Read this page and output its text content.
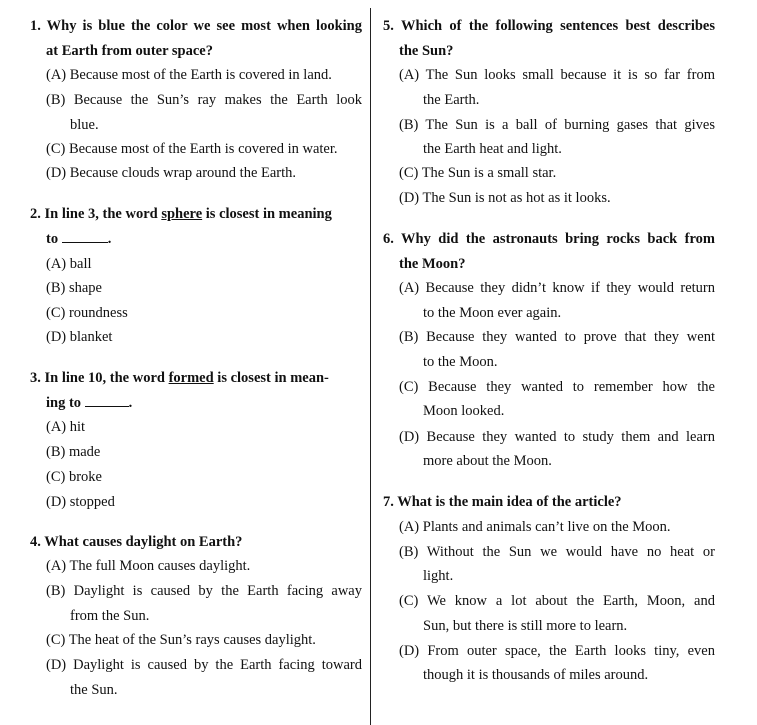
1. Why is blue the color we see most when looking
at Earth from outer space?
(A) Because most of the Earth is covered in land.
(B) Because the Sun’s ray makes the Earth look
blue.
(C) Because most of the Earth is covered in water.
(D) Because clouds wrap around the Earth.
2. In line 3, the word sphere is closest in meaning
to	.
(A) ball
(B) shape
(C) roundness
(D) blanket
3. In line 10, the word formed is closest in mean-
ing to	.
(A) hit
(B) made
(C) broke
(D) stopped
4. What causes daylight on Earth?
(A) The full Moon causes daylight.
(B) Daylight is caused by the Earth facing away
from the Sun.
(C) The heat of the Sun’s rays causes daylight.
(D) Daylight is caused by the Earth facing toward
the Sun.
5. Which of the following sentences best describes
the Sun?
(A) The Sun looks small because it is so far from
the Earth.
(B) The Sun is a ball of burning gases that gives
the Earth heat and light.
(C) The Sun is a small star.
(D) The Sun is not as hot as it looks.
6. Why did the astronauts bring rocks back from
the Moon?
(A) Because they didn’t know if they would return
to the Moon ever again.
(B) Because they wanted to prove that they went
to the Moon.
(C) Because they wanted to remember how the
Moon looked.
(D) Because they wanted to study them and learn
more about the Moon.
7. What is the main idea of the article?
(A) Plants and animals can’t live on the Moon.
(B) Without the Sun we would have no heat or
light.
(C) We know a lot about the Earth, Moon, and
Sun, but there is still more to learn.
(D) From outer space, the Earth looks tiny, even
though it is thousands of miles around.
